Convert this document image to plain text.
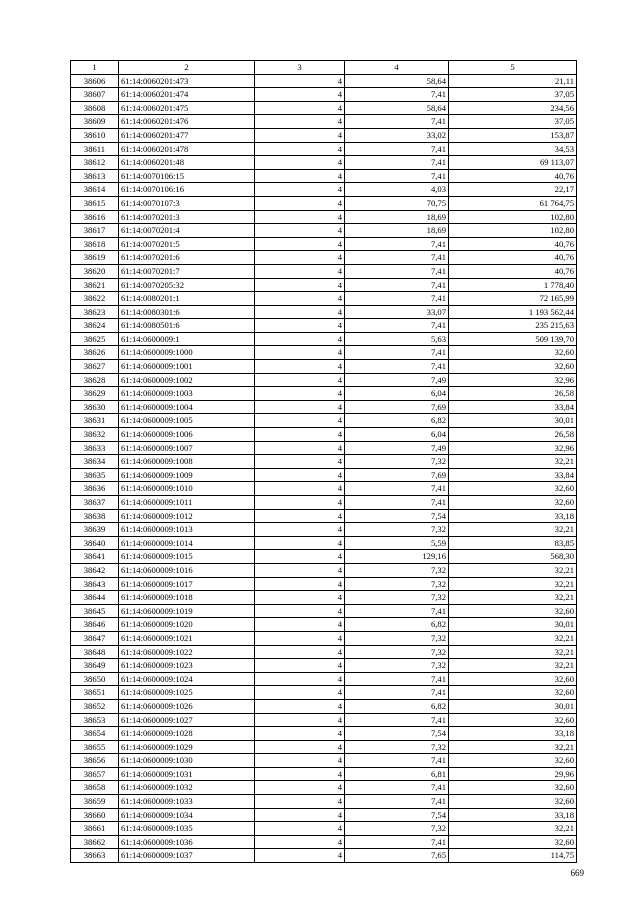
1	2	3	4	5
38606	61:14:0060201:473	4	58,64	21,11
38607	61:14:0060201:474	4	7,41	37,05
38608	61:14:0060201:475	4	58,64	234,56
38609	61:14:0060201:476	4	7,41	37,05
38610	61:14:0060201:477	4	33,02	153,87
38611	61:14:0060201:478	4	7,41	34,53
38612	61:14:0060201:48	4	7,41	69 113,07
38613	61:14:0070106:15	4	7,41	40,76
38614	61:14:0070106:16	4	4,03	22,17
38615	61:14:0070107:3	4	70,75	61 764,75
38616	61:14:0070201:3	4	18,69	102,80
38617	61:14:0070201:4	4	18,69	102,80
38618	61:14:0070201:5	4	7,41	40,76
38619	61:14:0070201:6	4	7,41	40,76
38620	61:14:0070201:7	4	7,41	40,76
38621	61:14:0070205:32	4	7,41	1 778,40
38622	61:14:0080201:1	4	7,41	72 165,99
38623	61:14:0080301:6	4	33,07	1 193 562,44
38624	61:14:0080501:6	4	7,41	235 215,63
38625	61:14:0600009:1	4	5,63	509 139,70
38626	61:14:0600009:1000	4	7,41	32,60
38627	61:14:0600009:1001	4	7,41	32,60
38628	61:14:0600009:1002	4	7,49	32,96
38629	61:14:0600009:1003	4	6,04	26,58
38630	61:14:0600009:1004	4	7,69	33,84
38631	61:14:0600009:1005	4	6,82	30,01
38632	61:14:0600009:1006	4	6,04	26,58
38633	61:14:0600009:1007	4	7,49	32,96
38634	61:14:0600009:1008	4	7,32	32,21
38635	61:14:0600009:1009	4	7,69	33,84
38636	61:14:0600009:1010	4	7,41	32,60
38637	61:14:0600009:1011	4	7,41	32,60
38638	61:14:0600009:1012	4	7,54	33,18
38639	61:14:0600009:1013	4	7,32	32,21
38640	61:14:0600009:1014	4	5,59	83,85
38641	61:14:0600009:1015	4	129,16	568,30
38642	61:14:0600009:1016	4	7,32	32,21
38643	61:14:0600009:1017	4	7,32	32,21
38644	61:14:0600009:1018	4	7,32	32,21
38645	61:14:0600009:1019	4	7,41	32,60
38646	61:14:0600009:1020	4	6,82	30,01
38647	61:14:0600009:1021	4	7,32	32,21
38648	61:14:0600009:1022	4	7,32	32,21
38649	61:14:0600009:1023	4	7,32	32,21
38650	61:14:0600009:1024	4	7,41	32,60
38651	61:14:0600009:1025	4	7,41	32,60
38652	61:14:0600009:1026	4	6,82	30,01
38653	61:14:0600009:1027	4	7,41	32,60
38654	61:14:0600009:1028	4	7,54	33,18
38655	61:14:0600009:1029	4	7,32	32,21
38656	61:14:0600009:1030	4	7,41	32,60
38657	61:14:0600009:1031	4	6,81	29,96
38658	61:14:0600009:1032	4	7,41	32,60
38659	61:14:0600009:1033	4	7,41	32,60
38660	61:14:0600009:1034	4	7,54	33,18
38661	61:14:0600009:1035	4	7,32	32,21
38662	61:14:0600009:1036	4	7,41	32,60
38663	61:14:0600009:1037	4	7,65	114,75
669
